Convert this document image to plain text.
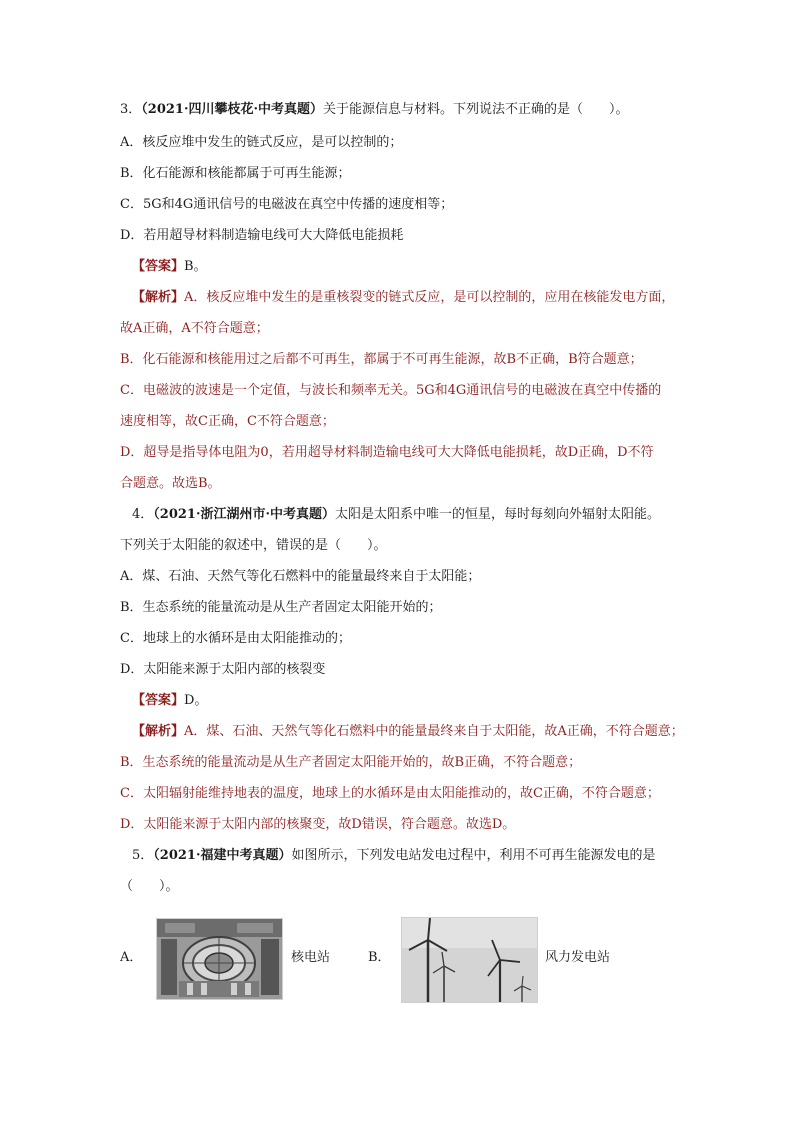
3．（2021·四川攀枝花·中考真题）关于能源信息与材料。下列说法不正确的是（　　）。
A．核反应堆中发生的链式反应，是可以控制的；
B．化石能源和核能都属于可再生能源；
C．5G和4G通讯信号的电磁波在真空中传播的速度相等；
D．若用超导材料制造输电线可大大降低电能损耗
【答案】B。
【解析】A．核反应堆中发生的是重核裂变的链式反应，是可以控制的，应用在核能发电方面，
故A正确，A不符合题意；
B．化石能源和核能用过之后都不可再生，都属于不可再生能源，故B不正确，B符合题意；
C．电磁波的波速是一个定值，与波长和频率无关。5G和4G通讯信号的电磁波在真空中传播的
速度相等，故C正确，C不符合题意；
D．超导是指导体电阻为0，若用超导材料制造输电线可大大降低电能损耗，故D正确，D不符
合题意。故选B。
4．（2021·浙江湖州市·中考真题）太阳是太阳系中唯一的恒星，每时每刻向外辐射太阳能。
下列关于太阳能的叙述中，错误的是（　　）。
A．煤、石油、天然气等化石燃料中的能量最终来自于太阳能；
B．生态系统的能量流动是从生产者固定太阳能开始的；
C．地球上的水循环是由太阳能推动的；
D．太阳能来源于太阳内部的核裂变
【答案】D。
【解析】A．煤、石油、天然气等化石燃料中的能量最终来自于太阳能，故A正确，不符合题意；
B．生态系统的能量流动是从生产者固定太阳能开始的，故B正确，不符合题意；
C．太阳辐射能维持地表的温度，地球上的水循环是由太阳能推动的，故C正确，不符合题意；
D．太阳能来源于太阳内部的核聚变，故D错误，符合题意。故选D。
5．（2021·福建中考真题）如图所示，下列发电站发电过程中，利用不可再生能源发电的是
（　　）。
A．	核电站	B．	风力发电站
